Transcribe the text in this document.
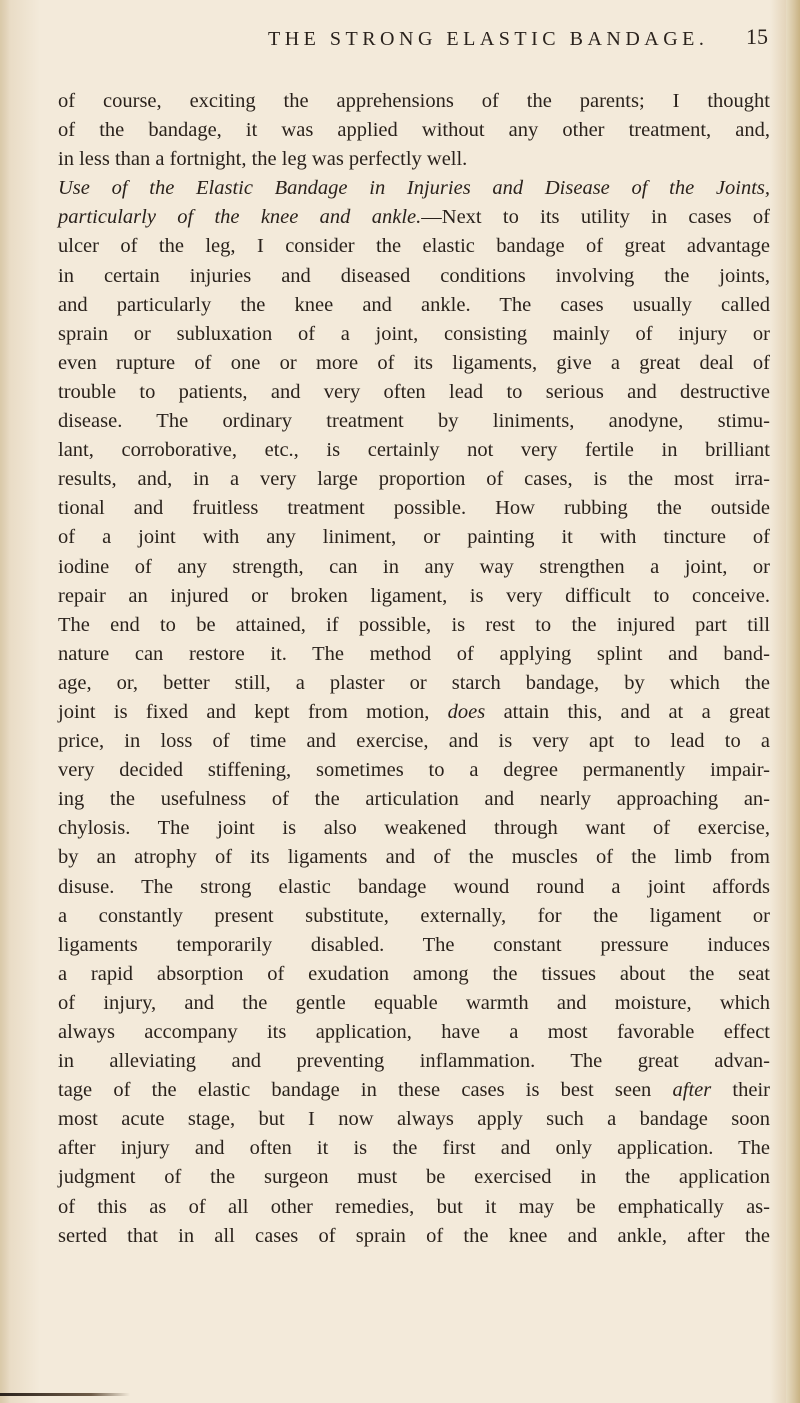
THE STRONG ELASTIC BANDAGE. 15
of course, exciting the apprehensions of the parents; I thought
of the bandage, it was applied without any other treatment, and,
in less than a fortnight, the leg was perfectly well.
Use of the Elastic Bandage in Injuries and Disease of the Joints,
particularly of the knee and ankle.—Next to its utility in cases of
ulcer of the leg, I consider the elastic bandage of great advantage
in certain injuries and diseased conditions involving the joints,
and particularly the knee and ankle. The cases usually called
sprain or subluxation of a joint, consisting mainly of injury or
even rupture of one or more of its ligaments, give a great deal of
trouble to patients, and very often lead to serious and destructive
disease. The ordinary treatment by liniments, anodyne, stimu-
lant, corroborative, etc., is certainly not very fertile in brilliant
results, and, in a very large proportion of cases, is the most irra-
tional and fruitless treatment possible. How rubbing the outside
of a joint with any liniment, or painting it with tincture of
iodine of any strength, can in any way strengthen a joint, or
repair an injured or broken ligament, is very difficult to conceive.
The end to be attained, if possible, is rest to the injured part till
nature can restore it. The method of applying splint and band-
age, or, better still, a plaster or starch bandage, by which the
joint is fixed and kept from motion, does attain this, and at a great
price, in loss of time and exercise, and is very apt to lead to a
very decided stiffening, sometimes to a degree permanently impair-
ing the usefulness of the articulation and nearly approaching an-
chylosis. The joint is also weakened through want of exercise,
by an atrophy of its ligaments and of the muscles of the limb from
disuse. The strong elastic bandage wound round a joint affords
a constantly present substitute, externally, for the ligament or
ligaments temporarily disabled. The constant pressure induces
a rapid absorption of exudation among the tissues about the seat
of injury, and the gentle equable warmth and moisture, which
always accompany its application, have a most favorable effect
in alleviating and preventing inflammation. The great advan-
tage of the elastic bandage in these cases is best seen after their
most acute stage, but I now always apply such a bandage soon
after injury and often it is the first and only application. The
judgment of the surgeon must be exercised in the application
of this as of all other remedies, but it may be emphatically as-
serted that in all cases of sprain of the knee and ankle, after the
